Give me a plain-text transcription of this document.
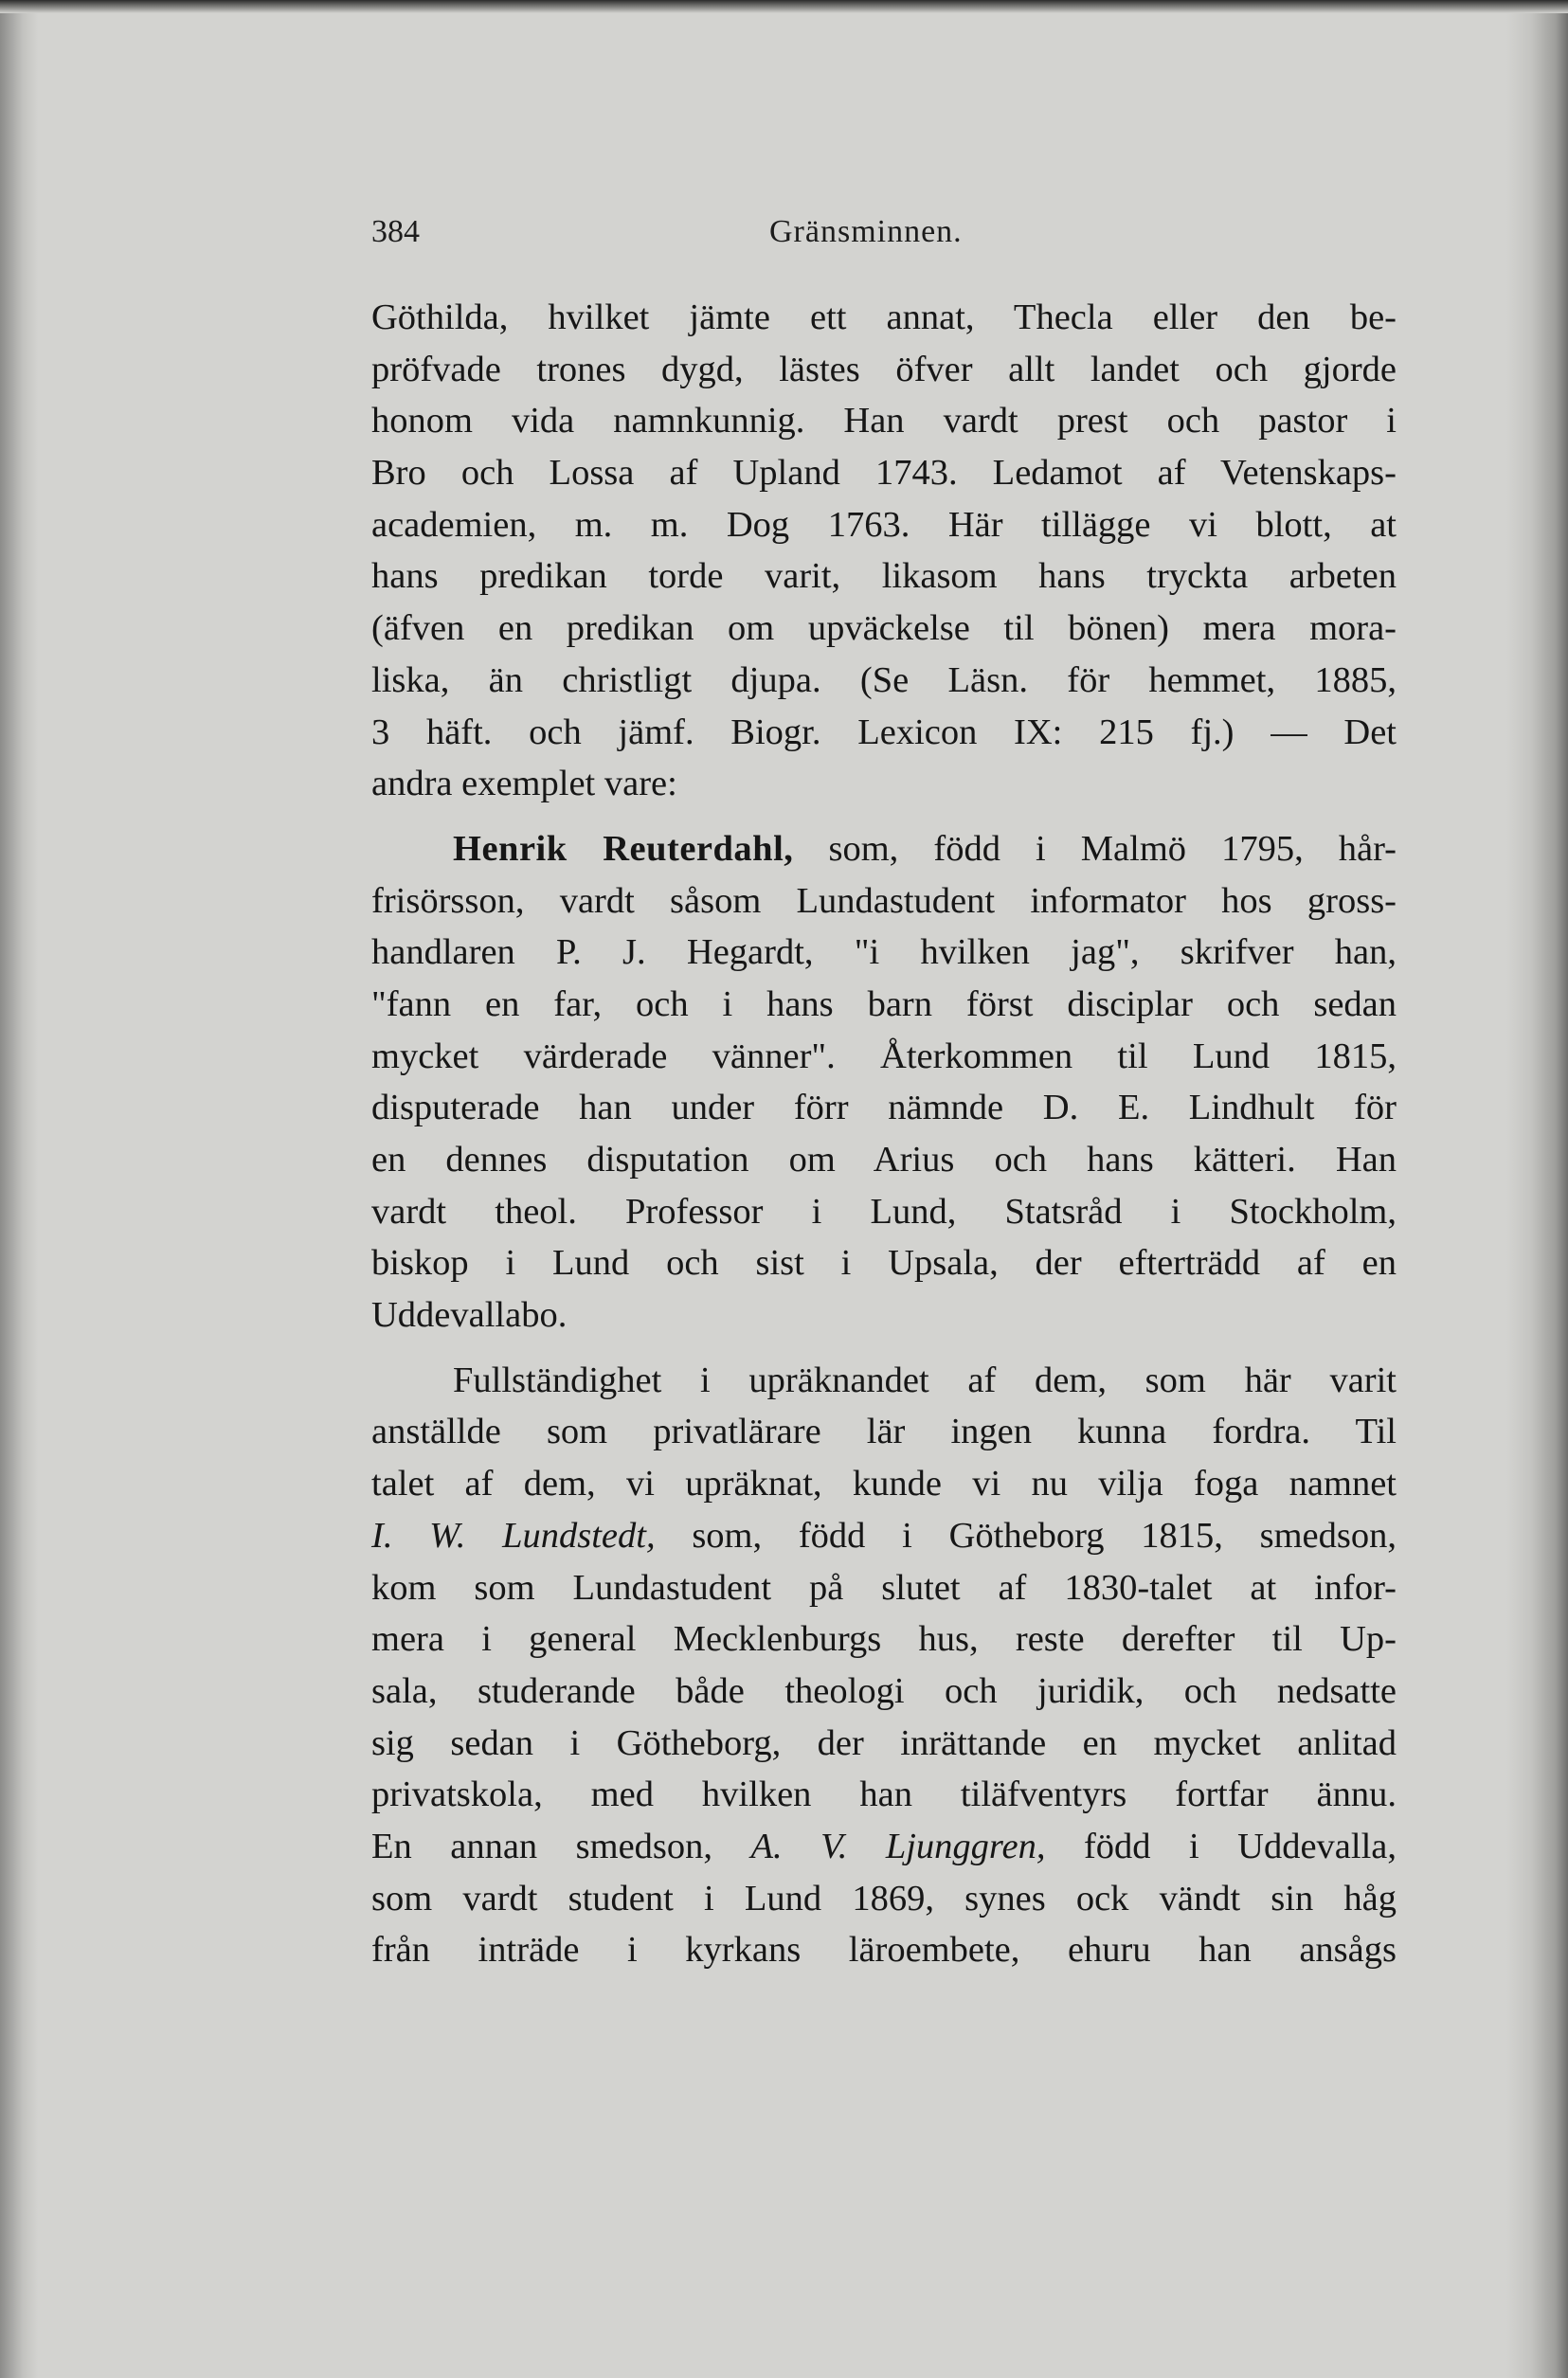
384	Gränsminnen.
Göthilda, hvilket jämte ett annat, Thecla eller den be-
pröfvade trones dygd, lästes öfver allt landet och gjorde
honom vida namnkunnig. Han vardt prest och pastor i
Bro och Lossa af Upland 1743. Ledamot af Vetenskaps-
academien, m. m. Dog 1763. Här tillägge vi blott, at
hans predikan torde varit, likasom hans tryckta arbeten
(äfven en predikan om upväckelse til bönen) mera mora-
liska, än christligt djupa. (Se Läsn. för hemmet, 1885,
3 häft. och jämf. Biogr. Lexicon IX: 215 fj.) — Det
andra exemplet vare:
Henrik Reuterdahl, som, född i Malmö 1795, hår-
frisörsson, vardt såsom Lundastudent informator hos gross-
handlaren P. J. Hegardt, "i hvilken jag", skrifver han,
"fann en far, och i hans barn först disciplar och sedan
mycket värderade vänner". Återkommen til Lund 1815,
disputerade han under förr nämnde D. E. Lindhult för
en dennes disputation om Arius och hans kätteri. Han
vardt theol. Professor i Lund, Statsråd i Stockholm,
biskop i Lund och sist i Upsala, der efterträdd af en
Uddevallabo.
Fullständighet i upräknandet af dem, som här varit
anställde som privatlärare lär ingen kunna fordra. Til
talet af dem, vi upräknat, kunde vi nu vilja foga namnet
I. W. Lundstedt, som, född i Götheborg 1815, smedson,
kom som Lundastudent på slutet af 1830-talet at infor-
mera i general Mecklenburgs hus, reste derefter til Up-
sala, studerande både theologi och juridik, och nedsatte
sig sedan i Götheborg, der inrättande en mycket anlitad
privatskola, med hvilken han tiläfventyrs fortfar ännu.
En annan smedson, A. V. Ljunggren, född i Uddevalla,
som vardt student i Lund 1869, synes ock vändt sin håg
från inträde i kyrkans läroembete, ehuru han ansågs
